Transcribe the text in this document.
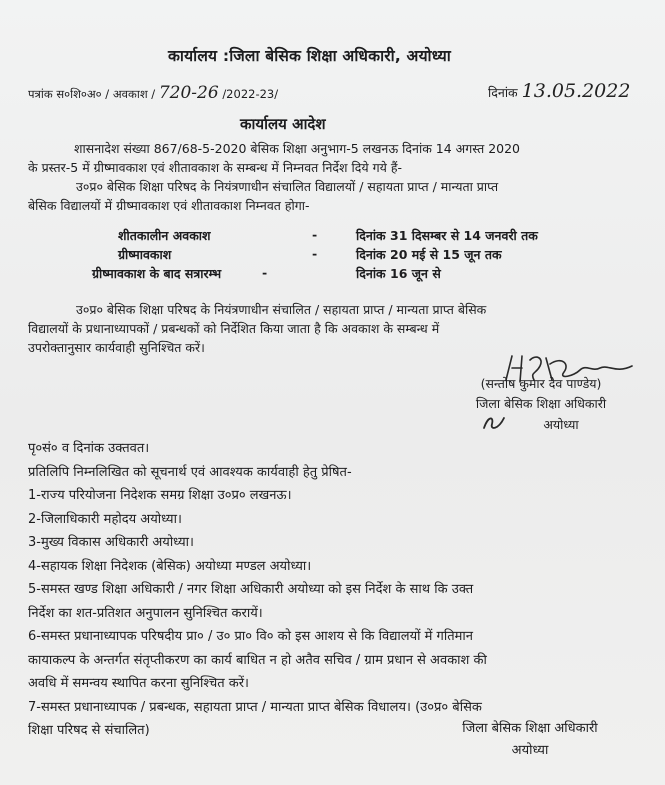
कार्यालय :जिला बेसिक शिक्षा अधिकारी, अयोध्या
पत्रांक स०शि०अ० / अवकाश / 720-26 /2022-23/	दिनांक 13.05.2022
कार्यालय आदेश
शासनादेश संख्या 867/68-5-2020 बेसिक शिक्षा अनुभाग-5 लखनऊ दिनांक 14 अगस्त 2020
के प्रस्तर-5 में ग्रीष्मावकाश एवं शीतावकाश के सम्बन्ध में निम्नवत निर्देश दिये गये हैं-
उ०प्र० बेसिक शिक्षा परिषद के नियंत्रणाधीन संचालित विद्यालयों / सहायता प्राप्त / मान्यता प्राप्त
बेसिक विद्यालयों में ग्रीष्मावकाश एवं शीतावकाश निम्नवत होगा-
शीतकालीन अवकाश	-	दिनांक 31 दिसम्बर से 14 जनवरी तक
ग्रीष्मावकाश	-	दिनांक 20 मई से 15 जून तक
ग्रीष्मावकाश के बाद सत्रारम्भ	-	दिनांक 16 जून से
उ०प्र० बेसिक शिक्षा परिषद के नियंत्रणाधीन संचालित / सहायता प्राप्त / मान्यता प्राप्त बेसिक
विद्यालयों के प्रधानाध्यापकों / प्रबन्धकों को निर्देशित किया जाता है कि अवकाश के सम्बन्ध में
उपरोक्तानुसार कार्यवाही सुनिश्चित करें।
(सन्तोष कुमार देव पाण्डेय)
जिला बेसिक शिक्षा अधिकारी
अयोध्या
पृ०सं० व दिनांक उक्तवत।
प्रतिलिपि निम्नलिखित को सूचनार्थ एवं आवश्यक कार्यवाही हेतु प्रेषित-
1-राज्य परियोजना निदेशक समग्र शिक्षा उ०प्र० लखनऊ।
2-जिलाधिकारी महोदय अयोध्या।
3-मुख्य विकास अधिकारी अयोध्या।
4-सहायक शिक्षा निदेशक (बेसिक) अयोध्या मण्डल अयोध्या।
5-समस्त खण्ड शिक्षा अधिकारी / नगर शिक्षा अधिकारी अयोध्या को इस निर्देश के साथ कि उक्त
निर्देश का शत-प्रतिशत अनुपालन सुनिश्चित करायें।
6-समस्त प्रधानाध्यापक परिषदीय प्रा० / उ० प्रा० वि० को इस आशय से कि विद्यालयों में गतिमान
कायाकल्प के अन्तर्गत संतृप्तीकरण का कार्य बाधित न हो अतैव सचिव / ग्राम प्रधान से अवकाश की
अवधि में समन्वय स्थापित करना सुनिश्चित करें।
7-समस्त प्रधानाध्यापक / प्रबन्धक, सहायता प्राप्त / मान्यता प्राप्त बेसिक विधालय। (उ०प्र० बेसिक
शिक्षा परिषद से संचालित)	जिला बेसिक शिक्षा अधिकारी
अयोध्या
